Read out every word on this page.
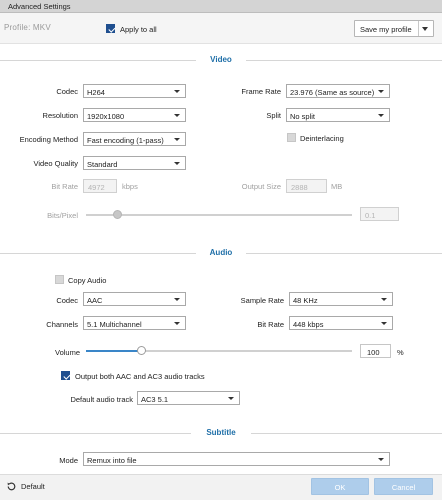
Advanced Settings
Profile: MKV	Apply to all	Save my profile
Video
Codec H264	Frame Rate 23.976 (Same as source)
Resolution 1920x1080	Split No split
Encoding Method Fast encoding (1-pass)	Deinterlacing
Video Quality Standard
Bit Rate 4972 kbps	Output Size 2888	MB
Bits/Pixel	0.1
Audio
Copy Audio
Codec AAC	Sample Rate 48 KHz
Channels 5.1 Multichannel	Bit Rate 448 kbps
Volume	100 %
Output both AAC and AC3 audio tracks
Default audio track AC3 5.1
Subtitle
Mode Remux into file
Default	OK	Cancel
